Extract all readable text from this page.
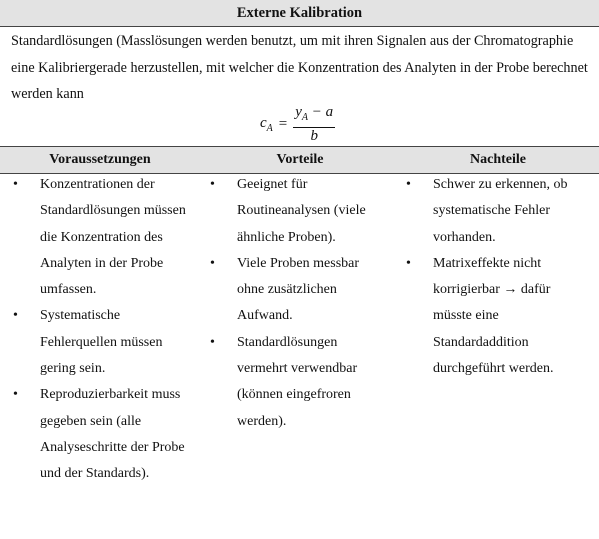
Externe Kalibration
Standardlösungen (Masslösungen werden benutzt, um mit ihren Signalen aus der Chromatographie eine Kalibriergerade herzustellen, mit welcher die Konzentration des Analyten in der Probe berechnet werden kann
$c_A = \frac{y_A - a}{b}$
Voraussetzungen	Vorteile	Nachteile
• Konzentrationen der Standardlösungen müssen die Konzentration des Analyten in der Probe umfassen.
• Systematische Fehlerquellen müssen gering sein.
• Reproduzierbarkeit muss gegeben sein (alle Analyseschritte der Probe und der Standards).
• Geeignet für Routineanalysen (viele ähnliche Proben).
• Viele Proben messbar ohne zusätzlichen Aufwand.
• Standardlösungen vermehrt verwendbar (können eingefroren werden).
• Schwer zu erkennen, ob systematische Fehler vorhanden.
• Matrixeffekte nicht korrigierbar → dafür müsste eine Standardaddition durchgeführt werden.
